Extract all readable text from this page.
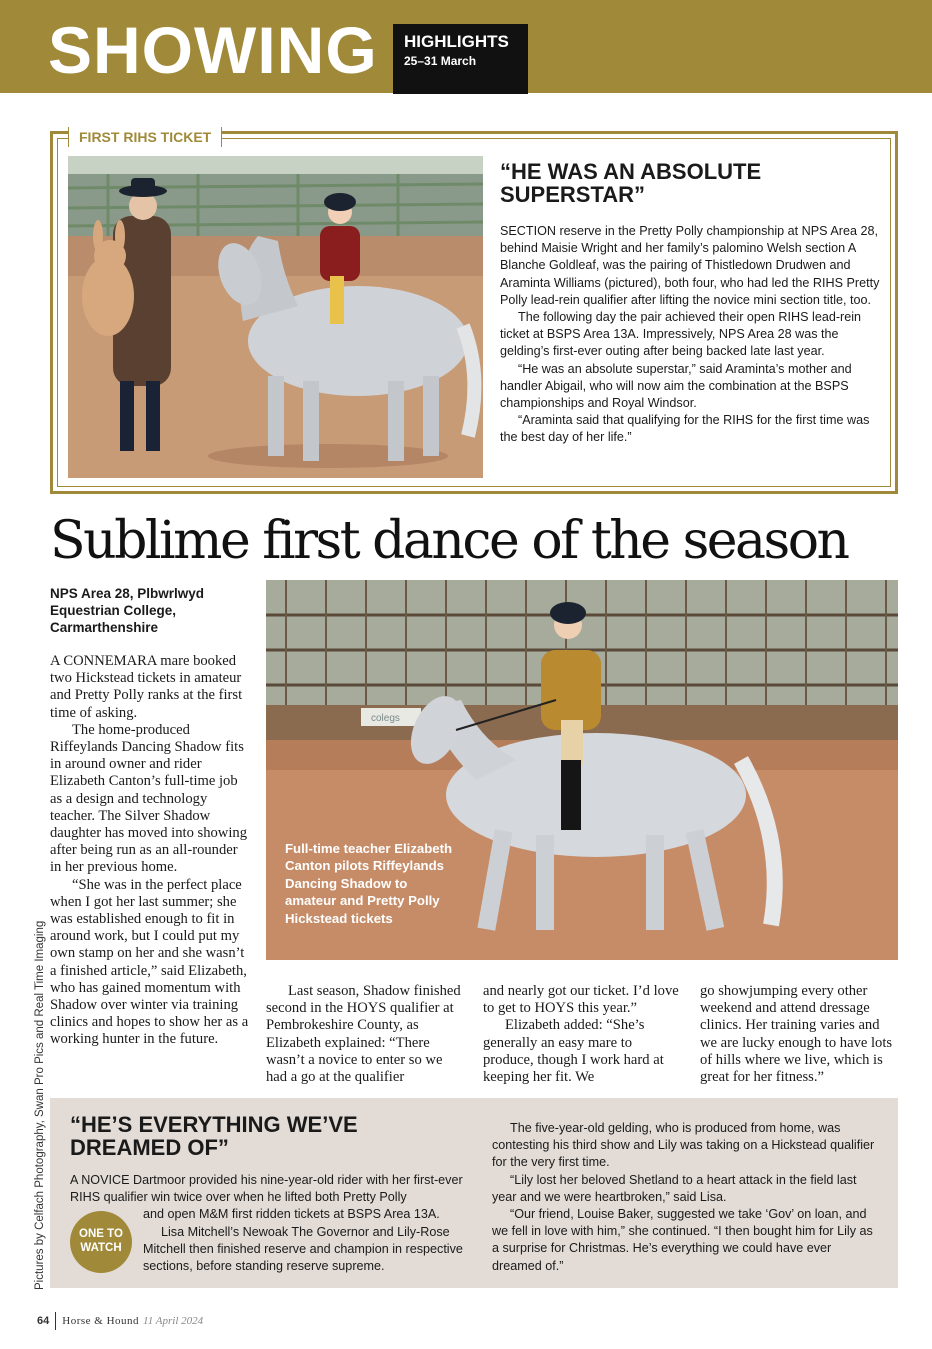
SHOWING HIGHLIGHTS
25–31 March
FIRST RIHS TICKET
“HE WAS AN ABSOLUTE SUPERSTAR”

SECTION reserve in the Pretty Polly championship at NPS Area 28, behind Maisie Wright and her family’s palomino Welsh section A Blanche Goldleaf, was the pairing of Thistledown Drudwen and Araminta Williams (pictured), both four, who had led the RIHS Pretty Polly lead-rein qualifier after lifting the novice mini section title, too.

The following day the pair achieved their open RIHS lead-rein ticket at BSPS Area 13A. Impressively, NPS Area 28 was the gelding’s first-ever outing after being backed late last year.

“He was an absolute superstar,” said Araminta’s mother and handler Abigail, who will now aim the combination at the BSPS championships and Royal Windsor.

“Araminta said that qualifying for the RIHS for the first time was the best day of her life.”

Sublime first dance of the season
NPS Area 28, Plbwrlwyd Equestrian College, Carmarthenshire

A CONNEMARA mare booked two Hickstead tickets in amateur and Pretty Polly ranks at the first time of asking.

The home-produced Riffeylands Dancing Shadow fits in around owner and rider Elizabeth Canton’s full-time job as a design and technology teacher. The Silver Shadow daughter has moved into showing after being run as an all-rounder in her previous home.

“She was in the perfect place when I got her last summer; she was established enough to fit in around work, but I could put my own stamp on her and she wasn’t a finished article,” said Elizabeth, who has gained momentum with Shadow over winter via training clinics and hopes to show her as a working hunter in the future.

colegs
Full-time teacher Elizabeth Canton pilots Riffeylands Dancing Shadow to amateur and Pretty Polly Hickstead tickets

Last season, Shadow finished second in the HOYS qualifier at Pembrokeshire County, as Elizabeth explained: “There wasn’t a novice to enter so we had a go at the qualifier

and nearly got our ticket. I’d love to get to HOYS this year.”

Elizabeth added: “She’s generally an easy mare to produce, though I work hard at keeping her fit. We

go showjumping every other weekend and attend dressage clinics. Her training varies and we are lucky enough to have lots of hills where we live, which is great for her fitness.”

Pictures by Celfach Photography, Swan Pro Pics and Real Time Imaging “HE’S EVERYTHING WE’VE DREAMED OF”

A NOVICE Dartmoor provided his nine-year-old rider with her first-ever RIHS qualifier win twice over when he lifted both Pretty Polly

and open M&M first ridden tickets at BSPS Area 13A.

Lisa Mitchell’s Newoak The Governor and Lily-Rose Mitchell then finished reserve and champion in respective sections, before standing reserve supreme.

ONE TO WATCH

The five-year-old gelding, who is produced from home, was contesting his third show and Lily was taking on a Hickstead qualifier for the very first time.

“Lily lost her beloved Shetland to a heart attack in the field last year and we were heartbroken,” said Lisa.

“Our friend, Louise Baker, suggested we take ‘Gov’ on loan, and we fell in love with him,” she continued. “I then bought him for Lily as a surprise for Christmas. He’s everything we could have ever dreamed of.”

64 Horse & Hound 11 April 2024
